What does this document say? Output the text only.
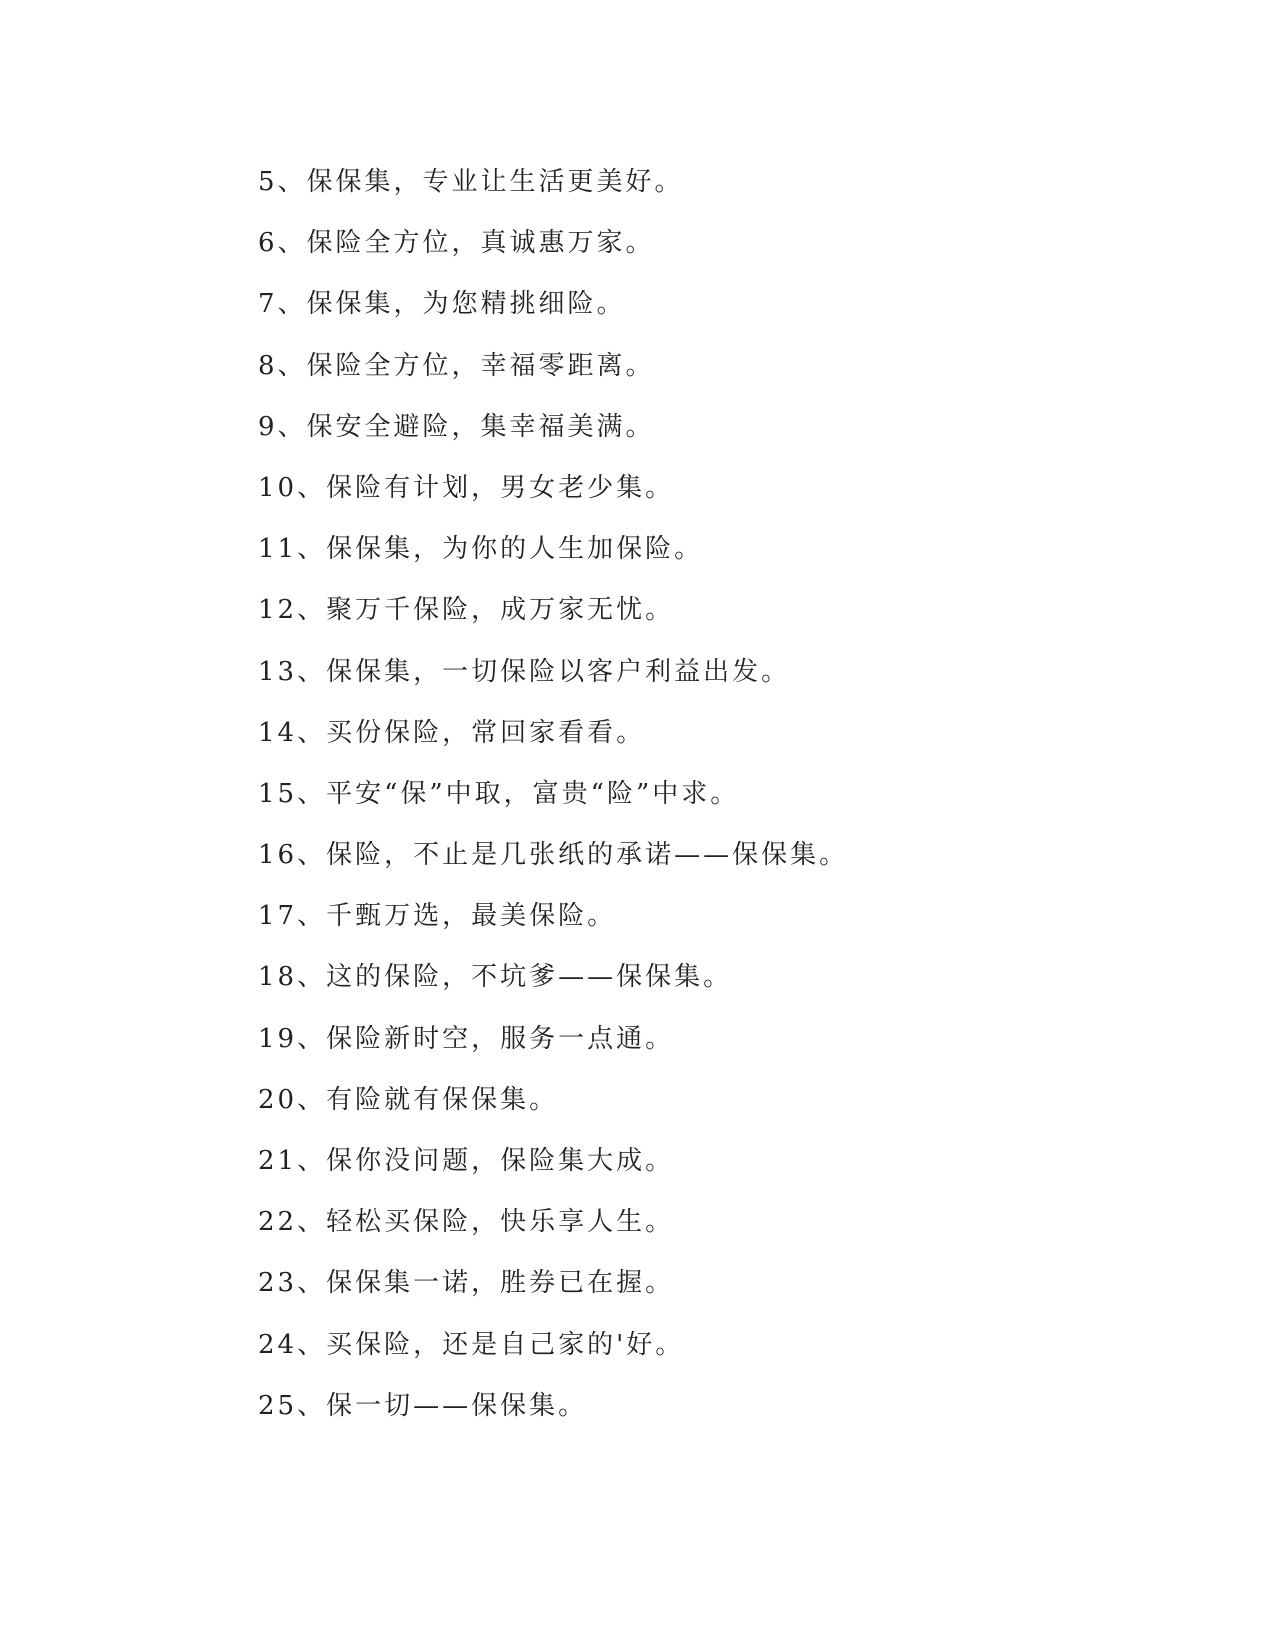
5、保保集，专业让生活更美好。
6、保险全方位，真诚惠万家。
7、保保集，为您精挑细险。
8、保险全方位，幸福零距离。
9、保安全避险，集幸福美满。
10、保险有计划，男女老少集。
11、保保集，为你的人生加保险。
12、聚万千保险，成万家无忧。
13、保保集，一切保险以客户利益出发。
14、买份保险，常回家看看。
15、平安“保”中取，富贵“险”中求。
16、保险，不止是几张纸的承诺——保保集。
17、千甄万选，最美保险。
18、这的保险，不坑爹——保保集。
19、保险新时空，服务一点通。
20、有险就有保保集。
21、保你没问题，保险集大成。
22、轻松买保险，快乐享人生。
23、保保集一诺，胜券已在握。
24、买保险，还是自己家的'好。
25、保一切——保保集。
